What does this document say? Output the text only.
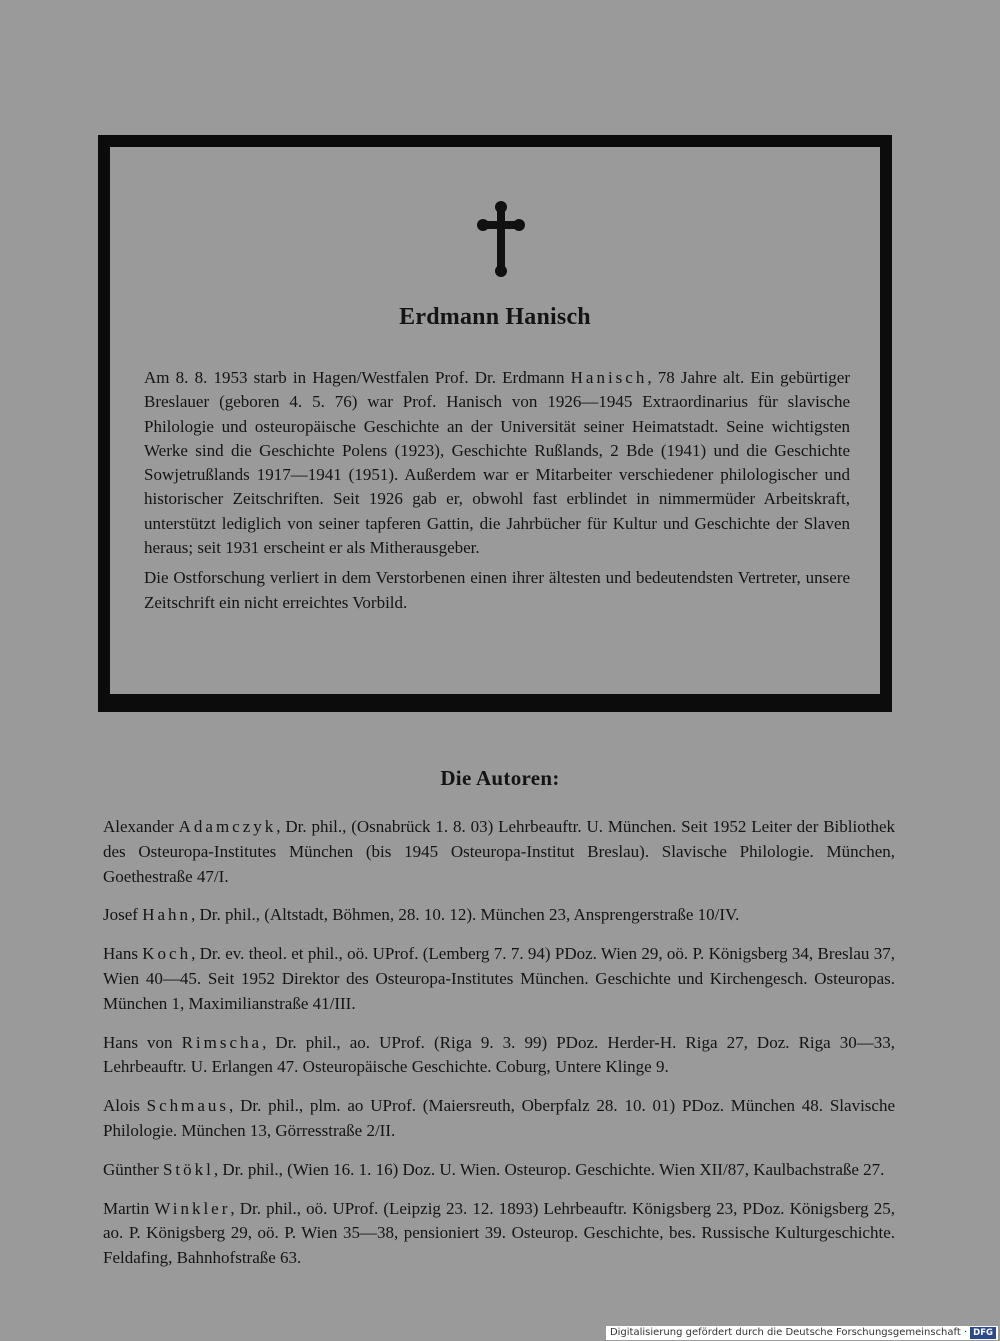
Erdmann Hanisch

Am 8. 8. 1953 starb in Hagen/Westfalen Prof. Dr. Erdmann Hanisch, 78 Jahre alt. Ein gebürtiger Breslauer (geboren 4. 5. 76) war Prof. Hanisch von 1926—1945 Extraordinarius für slavische Philologie und osteuropäische Geschichte an der Universität seiner Heimatstadt. Seine wichtigsten Werke sind die Geschichte Polens (1923), Geschichte Rußlands, 2 Bde (1941) und die Geschichte Sowjetrußlands 1917—1941 (1951). Außerdem war er Mitarbeiter verschiedener philologischer und historischer Zeitschriften. Seit 1926 gab er, obwohl fast erblindet in nimmermüder Arbeitskraft, unterstützt lediglich von seiner tapferen Gattin, die Jahrbücher für Kultur und Geschichte der Slaven heraus; seit 1931 erscheint er als Mitherausgeber.

Die Ostforschung verliert in dem Verstorbenen einen ihrer ältesten und bedeutendsten Vertreter, unsere Zeitschrift ein nicht erreichtes Vorbild.

Die Autoren:

Alexander Adamczyk, Dr. phil., (Osnabrück 1. 8. 03) Lehrbeauftr. U. München. Seit 1952 Leiter der Bibliothek des Osteuropa-Institutes München (bis 1945 Osteuropa-Institut Breslau). Slavische Philologie. München, Goethestraße 47/I.

Josef Hahn, Dr. phil., (Altstadt, Böhmen, 28. 10. 12). München 23, Ansprengerstraße 10/IV.

Hans Koch, Dr. ev. theol. et phil., oö. UProf. (Lemberg 7. 7. 94) PDoz. Wien 29, oö. P. Königsberg 34, Breslau 37, Wien 40—45. Seit 1952 Direktor des Osteuropa-Institutes München. Geschichte und Kirchengesch. Osteuropas. München 1, Maximilianstraße 41/III.

Hans von Rimscha, Dr. phil., ao. UProf. (Riga 9. 3. 99) PDoz. Herder-H. Riga 27, Doz. Riga 30—33, Lehrbeauftr. U. Erlangen 47. Osteuropäische Geschichte. Coburg, Untere Klinge 9.

Alois Schmaus, Dr. phil., plm. ao UProf. (Maiersreuth, Oberpfalz 28. 10. 01) PDoz. München 48. Slavische Philologie. München 13, Görresstraße 2/II.

Günther Stökl, Dr. phil., (Wien 16. 1. 16) Doz. U. Wien. Osteurop. Geschichte. Wien XII/87, Kaulbachstraße 27.

Martin Winkler, Dr. phil., oö. UProf. (Leipzig 23. 12. 1893) Lehrbeauftr. Königsberg 23, PDoz. Königsberg 25, ao. P. Königsberg 29, oö. P. Wien 35—38, pensioniert 39. Osteurop. Geschichte, bes. Russische Kulturgeschichte. Feldafing, Bahnhofstraße 63.

Digitalisierung gefördert durch die Deutsche Forschungsgemeinschaft · DFG
